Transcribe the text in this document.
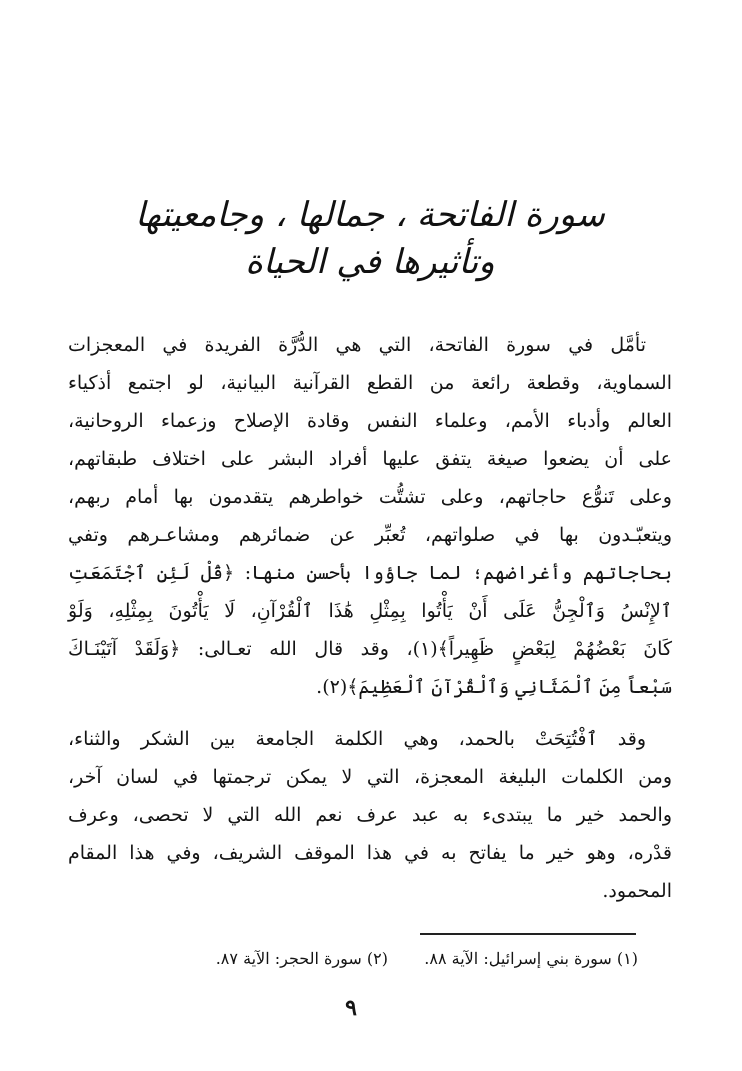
سورة الفاتحة ، جمالها ، وجامعيتها
وتأثيرها في الحياة
تأمَّل في سورة الفاتحة، التي هي الدُّرَّة الفريدة في المعجزات
السماوية، وقطعة رائعة من القطع القرآنية البيانية، لو اجتمع أذكياء
العالم وأدباء الأمم، وعلماء النفس وقادة الإصلاح وزعماء الروحانية،
على أن يضعوا صيغة يتفق عليها أفراد البشر على اختلاف طبقاتهم،
وعلى تَنوُّع حاجاتهم، وعلى تشتُّت خواطرهم يتقدمون بها أمام ربهم،
ويتعبّـدون بها في صلواتهم، تُعبِّر عن ضمائرهم ومشاعـرهم وتفي
بحاجاتهم وأغراضهم؛ لما جاؤوا بأحسن منها: ﴿قُلْ لَئِنِ ٱجْتَمَعَتِ
ٱلإِنْسُ وَٱلْجِنُّ عَلَى أَنْ يَأْتُوا بِمِثْلِ هَٰذَا ٱلْقُرْآنِ، لَا يَأْتُونَ بِمِثْلِهِ، وَلَوْ
كَانَ بَعْضُهُمْ لِبَعْضٍ ظَهِيراً﴾(١)، وقد قال الله تعـالى: ﴿وَلَقَدْ آتَيْنَـاكَ
سَبْعاً مِنَ ٱلْمَثَانِي وَٱلْقُرْآنَ ٱلْعَظِيمَ﴾(٢).
وقد ٱفْتُتِحَتْ بالحمد، وهي الكلمة الجامعة بين الشكر والثناء،
ومن الكلمات البليغة المعجزة، التي لا يمكن ترجمتها في لسان آخر،
والحمد خير ما يبتدىء به عبد عرف نعم الله التي لا تحصى، وعرف
قدْره، وهو خير ما يفاتح به في هذا الموقف الشريف، وفي هذا المقام
المحمود.
(١) سورة بني إسرائيل: الآية ٨٨.
(٢) سورة الحجر: الآية ٨٧.
٩
